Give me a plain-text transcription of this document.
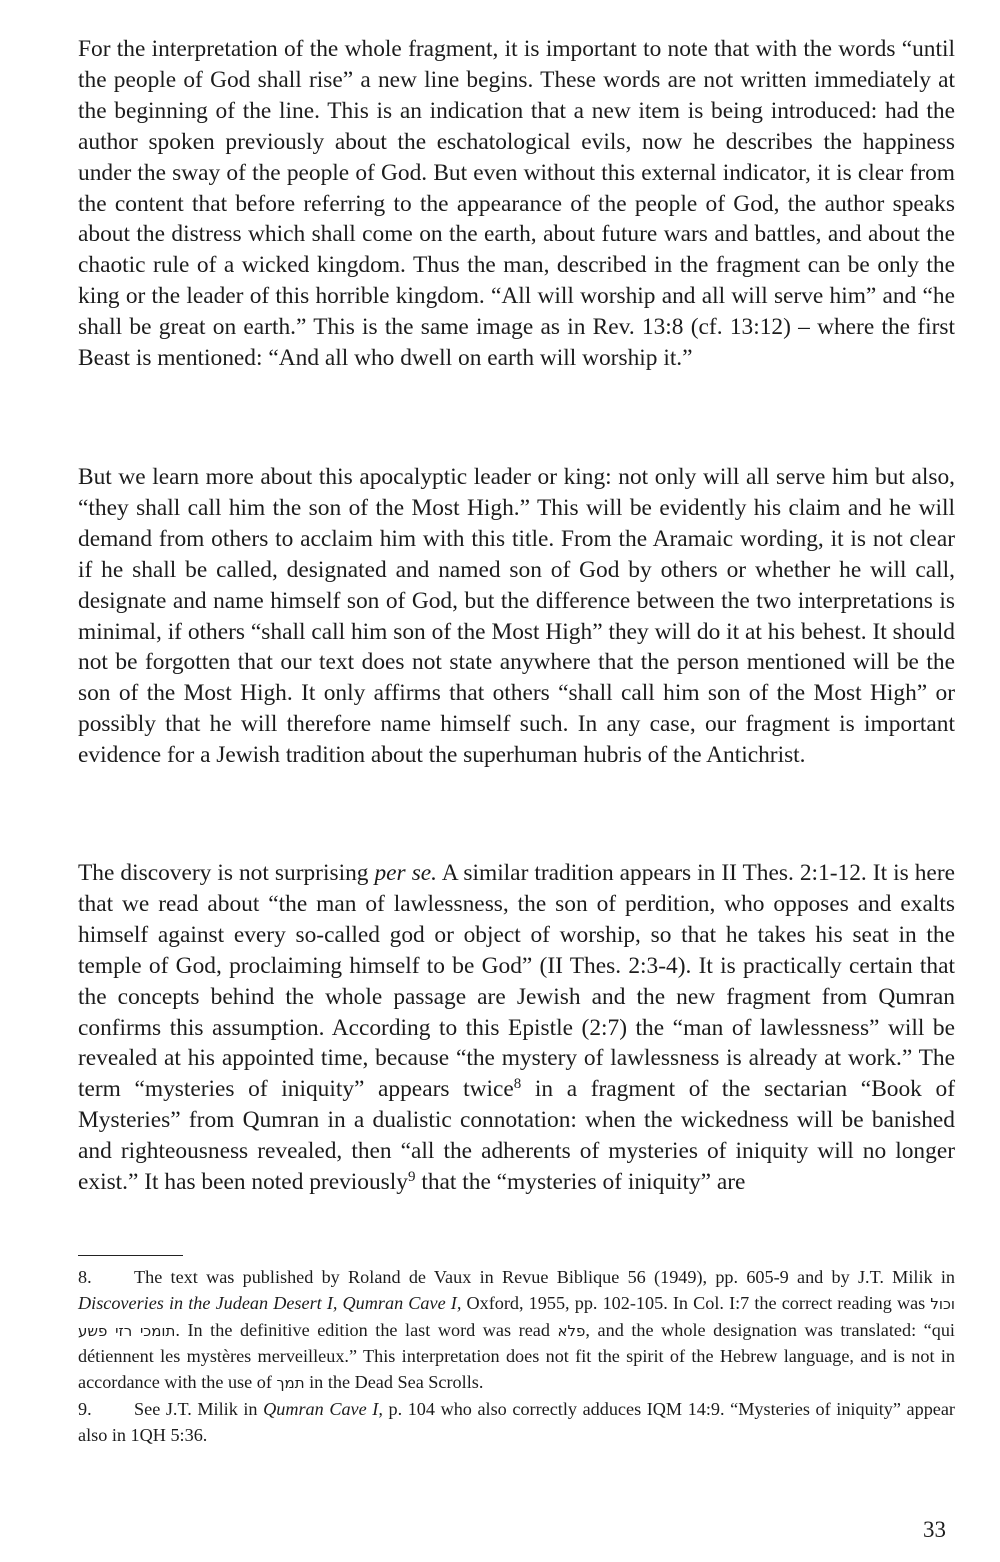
For the interpretation of the whole fragment, it is important to note that with the words “until the people of God shall rise” a new line begins. These words are not written immediately at the beginning of the line. This is an indication that a new item is being introduced: had the author spoken previously about the eschatological evils, now he describes the happiness under the sway of the people of God. But even without this external indicator, it is clear from the content that before referring to the appearance of the people of God, the author speaks about the distress which shall come on the earth, about future wars and battles, and about the chaotic rule of a wicked kingdom. Thus the man, described in the fragment can be only the king or the leader of this horrible kingdom. “All will worship and all will serve him” and “he shall be great on earth.” This is the same image as in Rev. 13:8 (cf. 13:12) – where the first Beast is mentioned: “And all who dwell on earth will worship it.”

But we learn more about this apocalyptic leader or king: not only will all serve him but also, “they shall call him the son of the Most High.” This will be evidently his claim and he will demand from others to acclaim him with this title. From the Aramaic wording, it is not clear if he shall be called, designated and named son of God by others or whether he will call, designate and name himself son of God, but the difference between the two interpretations is minimal, if others “shall call him son of the Most High” they will do it at his behest. It should not be forgotten that our text does not state anywhere that the person mentioned will be the son of the Most High. It only affirms that others “shall call him son of the Most High” or possibly that he will therefore name himself such. In any case, our fragment is important evidence for a Jewish tradition about the superhuman hubris of the Antichrist.

The discovery is not surprising per se. A similar tradition appears in II Thes. 2:1-12. It is here that we read about “the man of lawlessness, the son of perdition, who opposes and exalts himself against every so-called god or object of worship, so that he takes his seat in the temple of God, proclaiming himself to be God” (II Thes. 2:3-4). It is practically certain that the concepts behind the whole passage are Jewish and the new fragment from Qumran confirms this assumption. According to this Epistle (2:7) the “man of lawlessness” will be revealed at his appointed time, because “the mystery of lawlessness is already at work.” The term “mysteries of iniquity” appears twice$^8$ in a fragment of the sectarian “Book of Mysteries” from Qumran in a dualistic connotation: when the wickedness will be banished and righteousness revealed, then “all the adherents of mysteries of iniquity will no longer exist.” It has been noted previously$^9$ that the “mysteries of iniquity” are

8. The text was published by Roland de Vaux in Revue Biblique 56 (1949), pp. 605-9 and by J.T. Milik in Discoveries in the Judean Desert I, Qumran Cave I, Oxford, 1955, pp. 102-105. In Col. I:7 the correct reading was וכול תומכי רזי פשע. In the definitive edition the last word was read פלא, and the whole designation was translated: “qui détiennent les mystères merveilleux.” This interpretation does not fit the spirit of the Hebrew language, and is not in accordance with the use of תמך in the Dead Sea Scrolls.

9. See J.T. Milik in Qumran Cave I, p. 104 who also correctly adduces IQM 14:9. “Mysteries of iniquity” appear also in 1QH 5:36.

33
